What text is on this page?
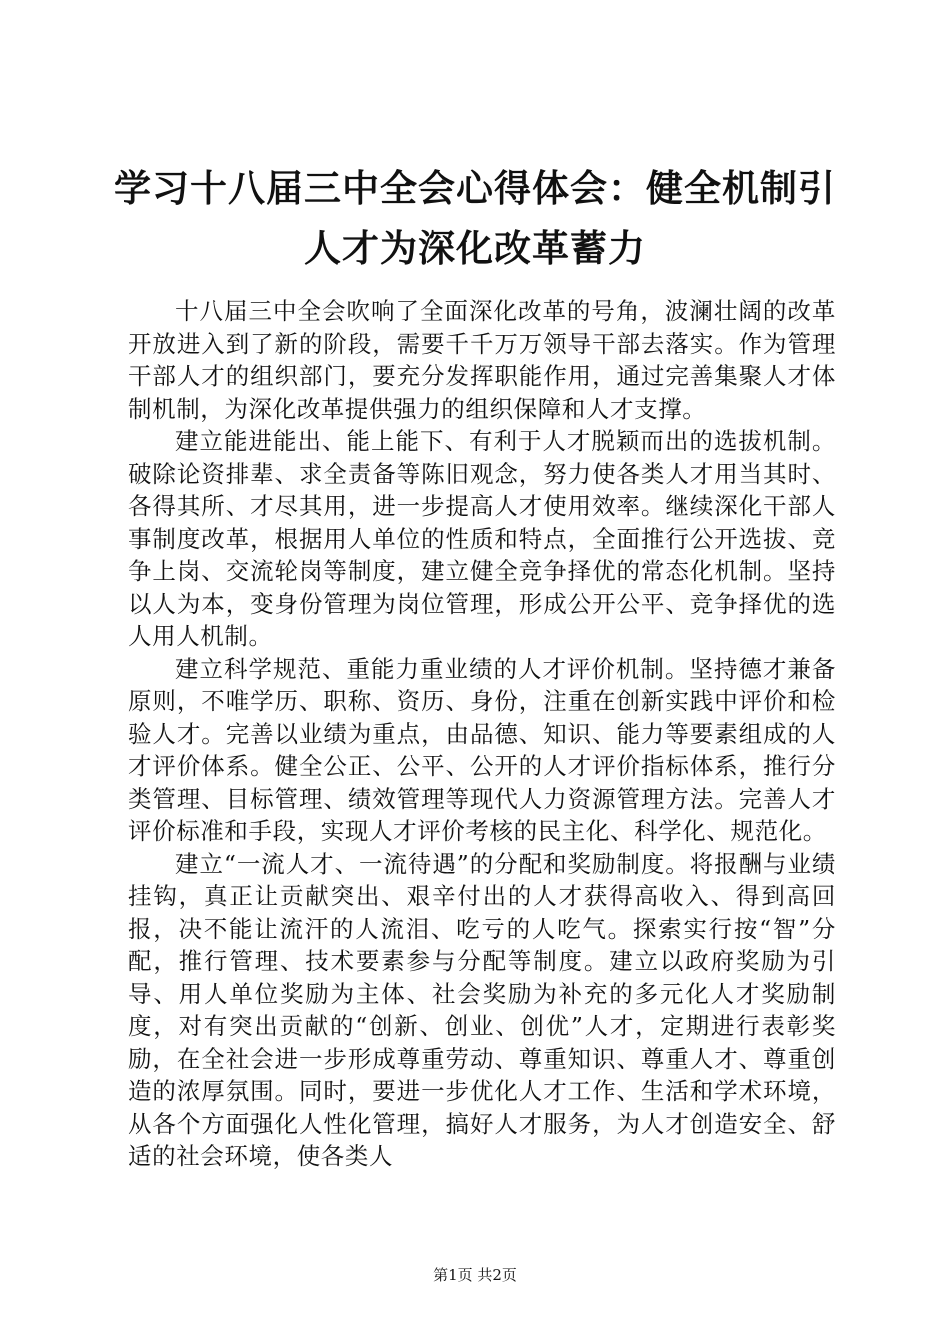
学习十八届三中全会心得体会：健全机制引人才为深化改革蓄力

十八届三中全会吹响了全面深化改革的号角，波澜壮阔的改革开放进入到了新的阶段，需要千千万万领导干部去落实。作为管理干部人才的组织部门，要充分发挥职能作用，通过完善集聚人才体制机制，为深化改革提供强力的组织保障和人才支撑。

建立能进能出、能上能下、有利于人才脱颖而出的选拔机制。破除论资排辈、求全责备等陈旧观念，努力使各类人才用当其时、各得其所、才尽其用，进一步提高人才使用效率。继续深化干部人事制度改革，根据用人单位的性质和特点，全面推行公开选拔、竞争上岗、交流轮岗等制度，建立健全竞争择优的常态化机制。坚持以人为本，变身份管理为岗位管理，形成公开公平、竞争择优的选人用人机制。

建立科学规范、重能力重业绩的人才评价机制。坚持德才兼备原则，不唯学历、职称、资历、身份，注重在创新实践中评价和检验人才。完善以业绩为重点，由品德、知识、能力等要素组成的人才评价体系。健全公正、公平、公开的人才评价指标体系，推行分类管理、目标管理、绩效管理等现代人力资源管理方法。完善人才评价标准和手段，实现人才评价考核的民主化、科学化、规范化。

建立“一流人才、一流待遇”的分配和奖励制度。将报酬与业绩挂钩，真正让贡献突出、艰辛付出的人才获得高收入、得到高回报，决不能让流汗的人流泪、吃亏的人吃气。探索实行按“智”分配，推行管理、技术要素参与分配等制度。建立以政府奖励为引导、用人单位奖励为主体、社会奖励为补充的多元化人才奖励制度，对有突出贡献的“创新、创业、创优”人才，定期进行表彰奖励，在全社会进一步形成尊重劳动、尊重知识、尊重人才、尊重创造的浓厚氛围。同时，要进一步优化人才工作、生活和学术环境，从各个方面强化人性化管理，搞好人才服务，为人才创造安全、舒适的社会环境，使各类人

第1页 共2页
